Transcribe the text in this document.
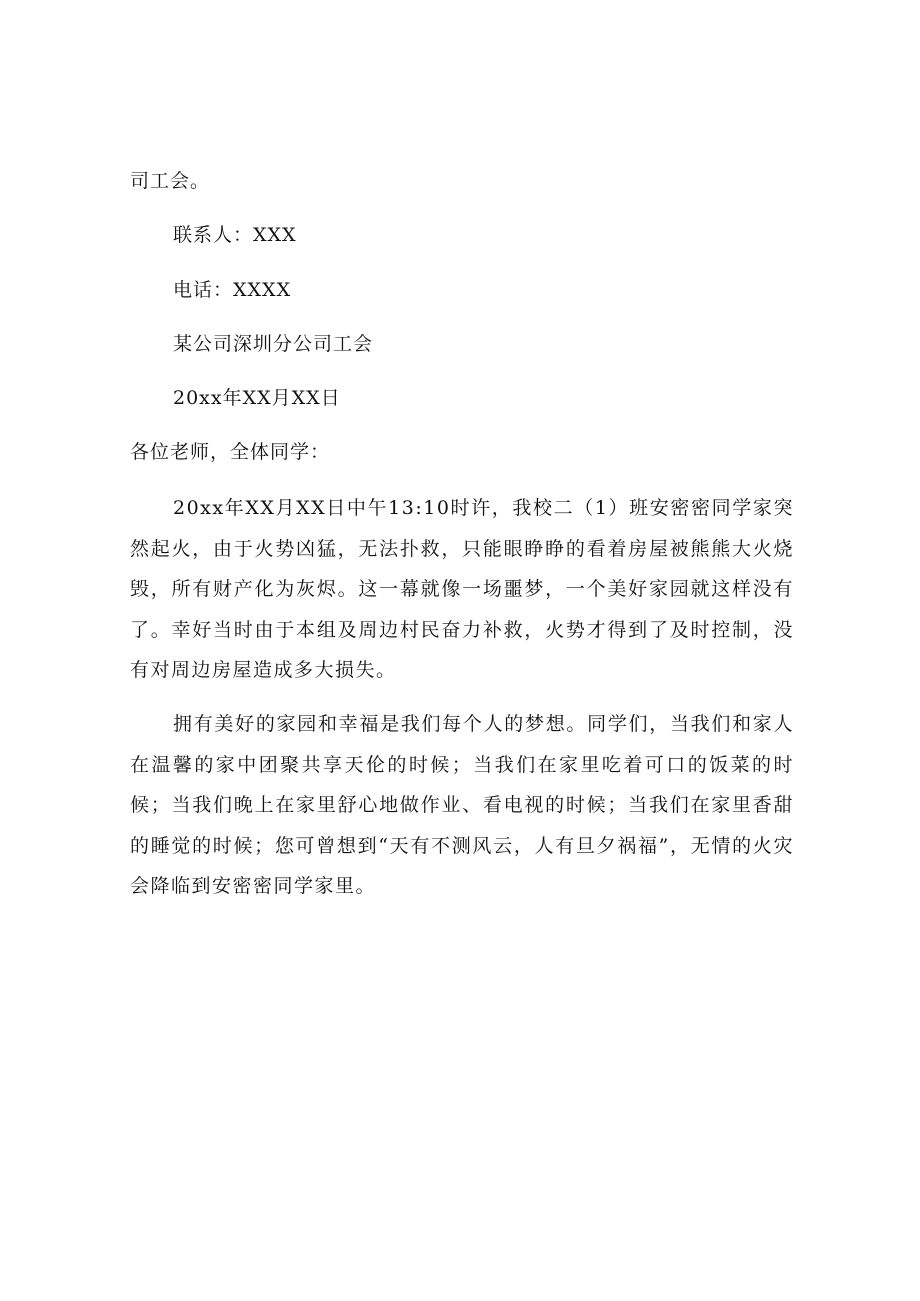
司工会。
联系人：XXX
电话：XXXX
某公司深圳分公司工会
20xx年XX月XX日
各位老师，全体同学：
20xx年XX月XX日中午13:10时许，我校二（1）班安密密同学家突然起火，由于火势凶猛，无法扑救，只能眼睁睁的看着房屋被熊熊大火烧毁，所有财产化为灰烬。这一幕就像一场噩梦，一个美好家园就这样没有了。幸好当时由于本组及周边村民奋力补救，火势才得到了及时控制，没有对周边房屋造成多大损失。
拥有美好的家园和幸福是我们每个人的梦想。同学们，当我们和家人在温馨的家中团聚共享天伦的时候；当我们在家里吃着可口的饭菜的时候；当我们晚上在家里舒心地做作业、看电视的时候；当我们在家里香甜的睡觉的时候；您可曾想到“天有不测风云，人有旦夕祸福”，无情的火灾会降临到安密密同学家里。
